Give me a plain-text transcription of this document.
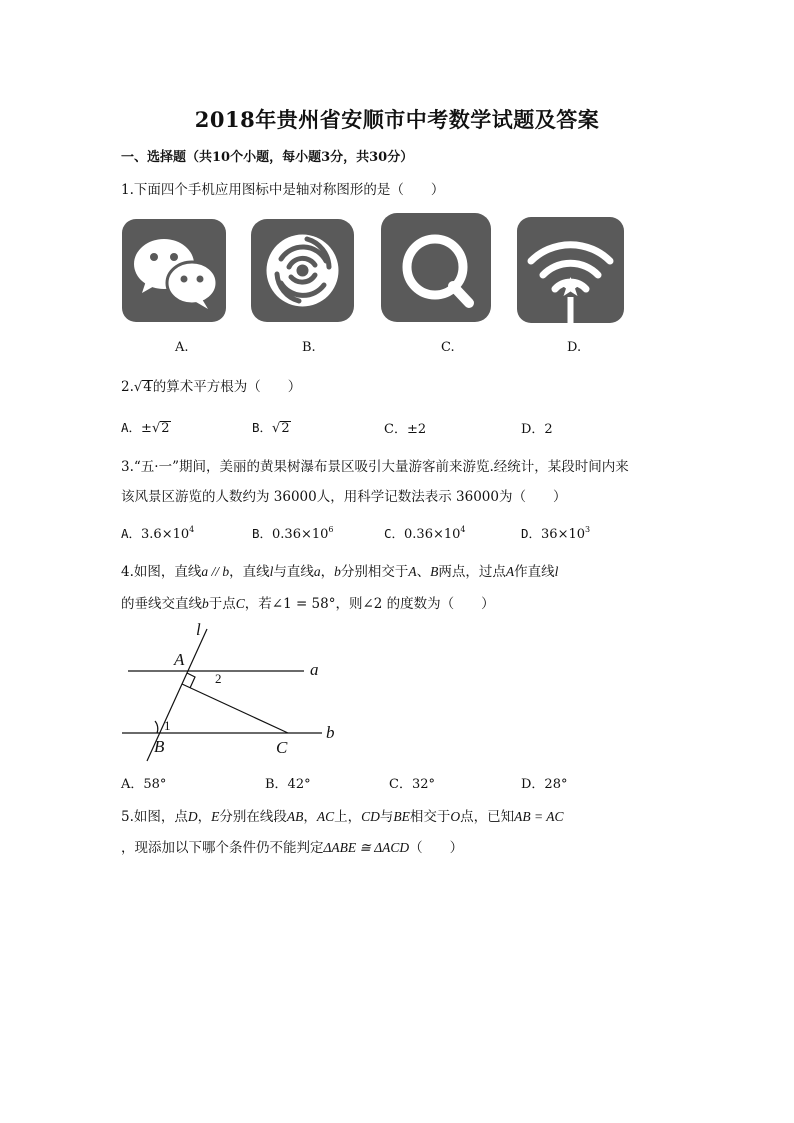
2018年贵州省安顺市中考数学试题及答案
一、选择题（共10个小题，每小题3分，共30分）
1.下面四个手机应用图标中是轴对称图形的是（　　）
A.	B.	C.	D.
2.√4的算术平方根为（　　）
A．±√2	B．√2	C．±2	D．2
3.“五·一”期间，美丽的黄果树瀑布景区吸引大量游客前来游览.经统计，某段时间内来
该风景区游览的人数约为 36000人，用科学记数法表示 36000为（　　）
A．$3.6\times 10^4$	B．$0.36\times 10^6$	C．$0.36\times 10^4$	D．$36\times 10^3$
4.如图，直线a // b，直线l与直线a，b分别相交于A、B两点，过点A作直线l
的垂线交直线b于点C，若∠1 = 58°，则∠2 的度数为（　　）
l
A
a
b
B	C
2
1
A．58°	B．42°	C．32°	D．28°
5.如图，点D，E分别在线段AB，AC上，CD与BE相交于O点，已知AB = AC
，现添加以下哪个条件仍不能判定ΔABE ≅ ΔACD（　　）
